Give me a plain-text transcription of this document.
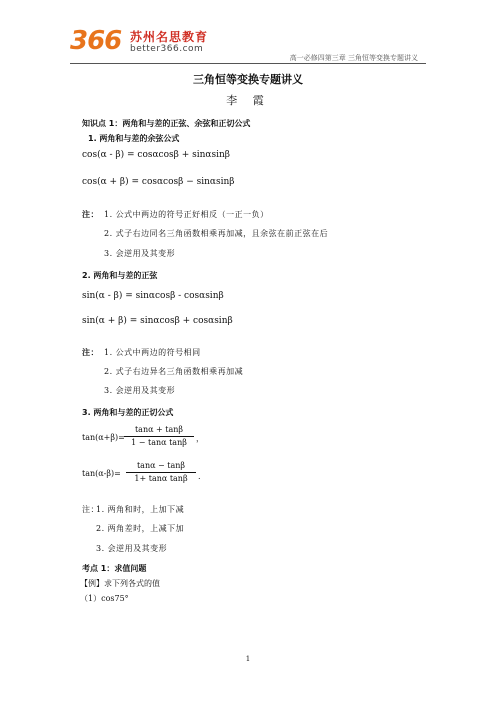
366 苏州名思教育
better366.com
高一必修四第三章 三角恒等变换专题讲义
三角恒等变换专题讲义
李 霞
知识点 1：两角和与差的正弦、余弦和正切公式
1. 两角和与差的余弦公式
cos(α - β) = cosαcosβ + sinαsinβ
cos(α + β) = cosαcosβ − sinαsinβ
注： 1. 公式中两边的符号正好相反（一正一负）
2. 式子右边同名三角函数相乘再加减，且余弦在前正弦在后
3. 会逆用及其变形
2. 两角和与差的正弦
sin(α - β) = sinαcosβ - cosαsinβ
sin(α + β) = sinαcosβ + cosαsinβ
注： 1. 公式中两边的符号相同
2. 式子右边异名三角函数相乘再加减
3. 会逆用及其变形
3. 两角和与差的正切公式
tan(α+β)=
tanα + tanβ
1 − tanα tanβ	，
tan(α-β)=
tanα − tanβ
1+ tanα tanβ	.
注：
1. 两角和时，上加下减
2. 两角差时，上减下加
3. 会逆用及其变形
考点 1：求值问题
【例】求下列各式的值
（1）cos75°
1
